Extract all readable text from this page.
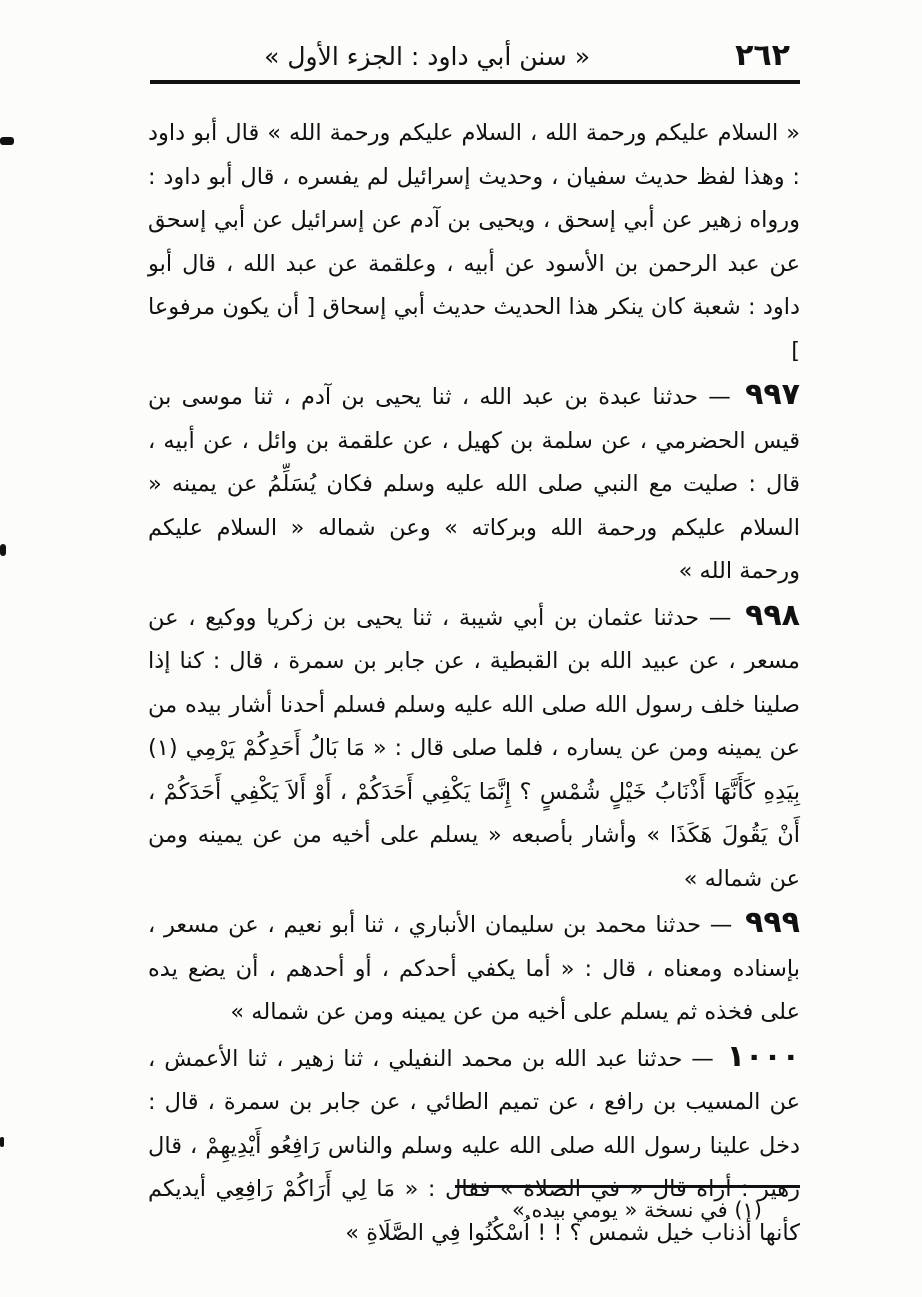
٢٦٢
« سنن أبي داود : الجزء الأول »

« السلام عليكم ورحمة الله ، السلام عليكم ورحمة الله » قال أبو داود : وهذا لفظ حديث سفيان ، وحديث إسرائيل لم يفسره ، قال أبو داود : ورواه زهير عن أبي إسحق ، ويحيى بن آدم عن إسرائيل عن أبي إسحق عن عبد الرحمن بن الأسود عن أبيه ، وعلقمة عن عبد الله ، قال أبو داود : شعبة كان ينكر هذا الحديث حديث أبي إسحاق [ أن يكون مرفوعا ]

٩٩٧ — حدثنا عبدة بن عبد الله ، ثنا يحيى بن آدم ، ثنا موسى بن قيس الحضرمي ، عن سلمة بن كهيل ، عن علقمة بن وائل ، عن أبيه ، قال : صليت مع النبي صلى الله عليه وسلم فكان يُسَلِّمُ عن يمينه « السلام عليكم ورحمة الله وبركاته » وعن شماله « السلام عليكم ورحمة الله »

٩٩٨ — حدثنا عثمان بن أبي شيبة ، ثنا يحيى بن زكريا ووكيع ، عن مسعر ، عن عبيد الله بن القبطية ، عن جابر بن سمرة ، قال : كنا إذا صلينا خلف رسول الله صلى الله عليه وسلم فسلم أحدنا أشار بيده من عن يمينه ومن عن يساره ، فلما صلى قال : « مَا بَالُ أَحَدِكُمْ يَرْمِي (١) بِيَدِهِ كَأَنَّهَا أَذْنَابُ خَيْلٍ شُمْسٍ ؟ إِنَّمَا يَكْفِي أَحَدَكُمْ ، أَوْ أَلاَ يَكْفِي أَحَدَكُمْ ، أَنْ يَقُولَ هَكَذَا » وأشار بأصبعه « يسلم على أخيه من عن يمينه ومن عن شماله »

٩٩٩ — حدثنا محمد بن سليمان الأنباري ، ثنا أبو نعيم ، عن مسعر ، بإسناده ومعناه ، قال : « أما يكفي أحدكم ، أو أحدهم ، أن يضع يده على فخذه ثم يسلم على أخيه من عن يمينه ومن عن شماله »

١٠٠٠ — حدثنا عبد الله بن محمد النفيلي ، ثنا زهير ، ثنا الأعمش ، عن المسيب بن رافع ، عن تميم الطائي ، عن جابر بن سمرة ، قال : دخل علينا رسول الله صلى الله عليه وسلم والناس رَافِعُو أَيْدِيهِمْ ، قال زهير : أراه قال « في الصلاة » فقال : « مَا لِي أَرَاكُمْ رَافِعِي أيديكم كأنها أذناب خيل شمس ؟ ! ! اُسْكُنُوا فِي الصَّلَاةِ »

(١) في نسخة « يومي بيده »
